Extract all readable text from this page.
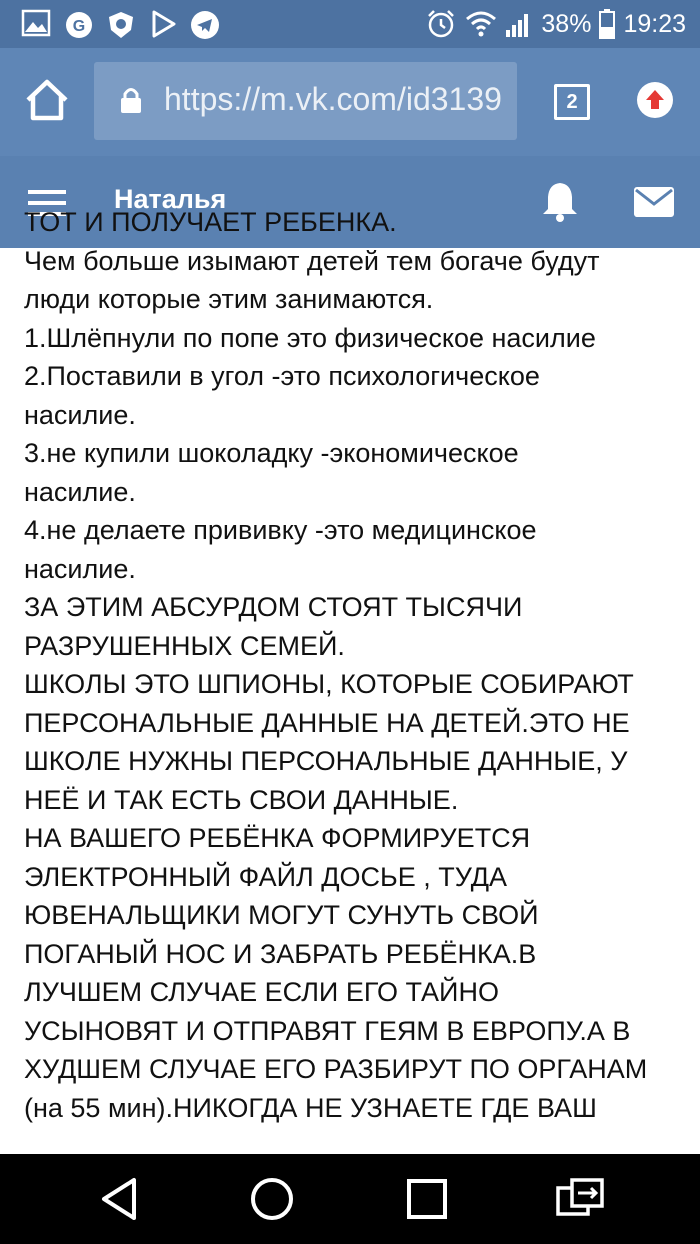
G	38% 19:23
https://m.vk.com/id3139	2
Наталья
ТОТ И ПОЛУЧАЕТ РЕБЕНКА.
Чем больше изымают детей тем богаче будут
люди которые этим занимаются.
1.Шлёпнули по попе это физическое насилие
2.Поставили в угол -это психологическое
насилие.
3.не купили шоколадку -экономическое
насилие.
4.не делаете прививку -это медицинское
насилие.
ЗА ЭТИМ АБСУРДОМ СТОЯТ ТЫСЯЧИ
РАЗРУШЕННЫХ СЕМЕЙ.
ШКОЛЫ ЭТО ШПИОНЫ, КОТОРЫЕ СОБИРАЮТ
ПЕРСОНАЛЬНЫЕ ДАННЫЕ НА ДЕТЕЙ.ЭТО НЕ
ШКОЛЕ НУЖНЫ ПЕРСОНАЛЬНЫЕ ДАННЫЕ, У
НЕЁ И ТАК ЕСТЬ СВОИ ДАННЫЕ.
НА ВАШЕГО РЕБЁНКА ФОРМИРУЕТСЯ
ЭЛЕКТРОННЫЙ ФАЙЛ ДОСЬЕ , ТУДА
ЮВЕНАЛЬЩИКИ МОГУТ СУНУТЬ СВОЙ
ПОГАНЫЙ НОС И ЗАБРАТЬ РЕБЁНКА.В
ЛУЧШЕМ СЛУЧАЕ ЕСЛИ ЕГО ТАЙНО
УСЫНОВЯТ И ОТПРАВЯТ ГЕЯМ В ЕВРОПУ.А В
ХУДШЕМ СЛУЧАЕ ЕГО РАЗБИРУТ ПО ОРГАНАМ
(на 55 мин).НИКОГДА НЕ УЗНАЕТЕ ГДЕ ВАШ
